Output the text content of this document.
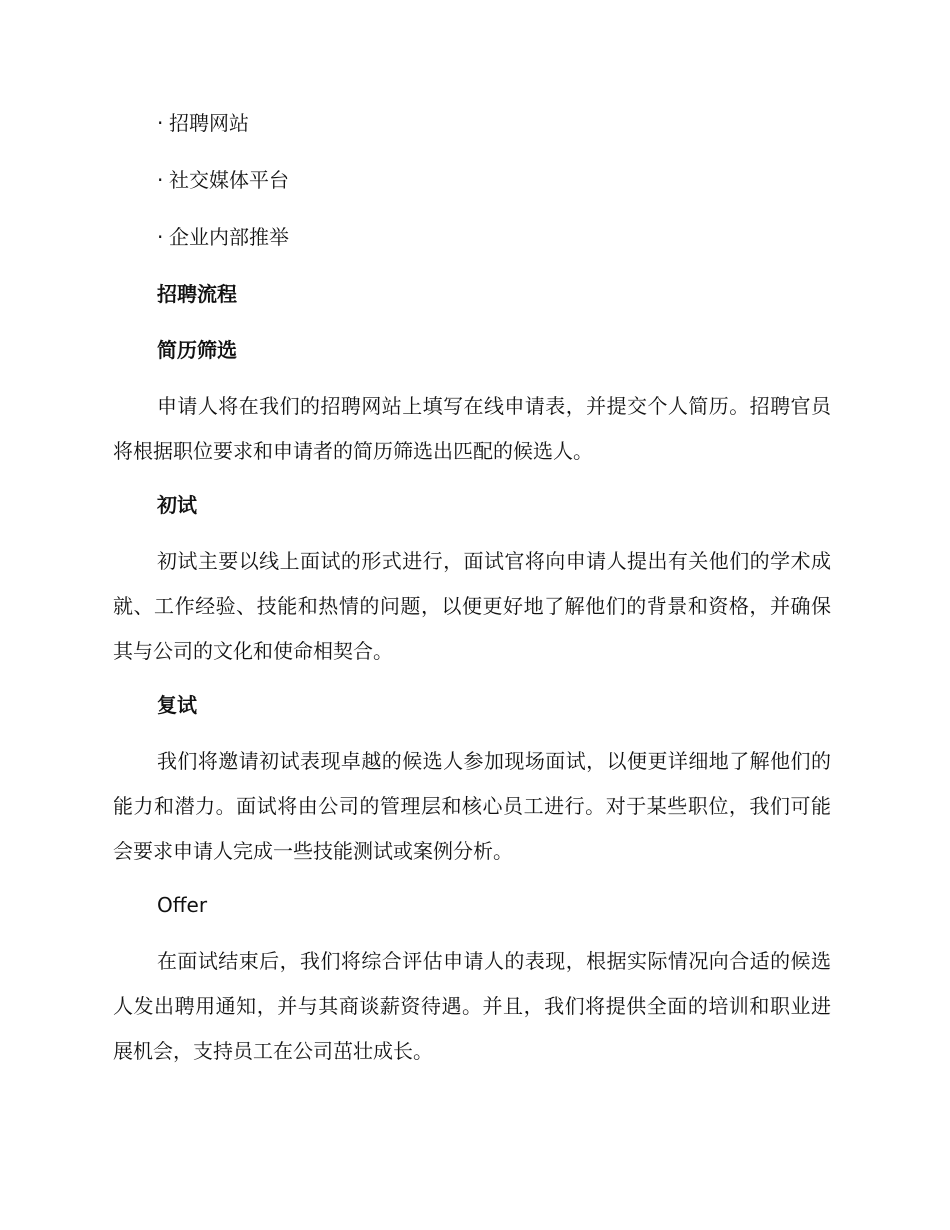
· 招聘网站
· 社交媒体平台
· 企业内部推举
招聘流程
简历筛选

申请人将在我们的招聘网站上填写在线申请表，并提交个人简历。招聘官员将根据职位要求和申请者的简历筛选出匹配的候选人。

初试

初试主要以线上面试的形式进行，面试官将向申请人提出有关他们的学术成就、工作经验、技能和热情的问题，以便更好地了解他们的背景和资格，并确保其与公司的文化和使命相契合。

复试

我们将邀请初试表现卓越的候选人参加现场面试，以便更详细地了解他们的能力和潜力。面试将由公司的管理层和核心员工进行。对于某些职位，我们可能会要求申请人完成一些技能测试或案例分析。

Offer

在面试结束后，我们将综合评估申请人的表现，根据实际情况向合适的候选人发出聘用通知，并与其商谈薪资待遇。并且，我们将提供全面的培训和职业进展机会，支持员工在公司茁壮成长。
